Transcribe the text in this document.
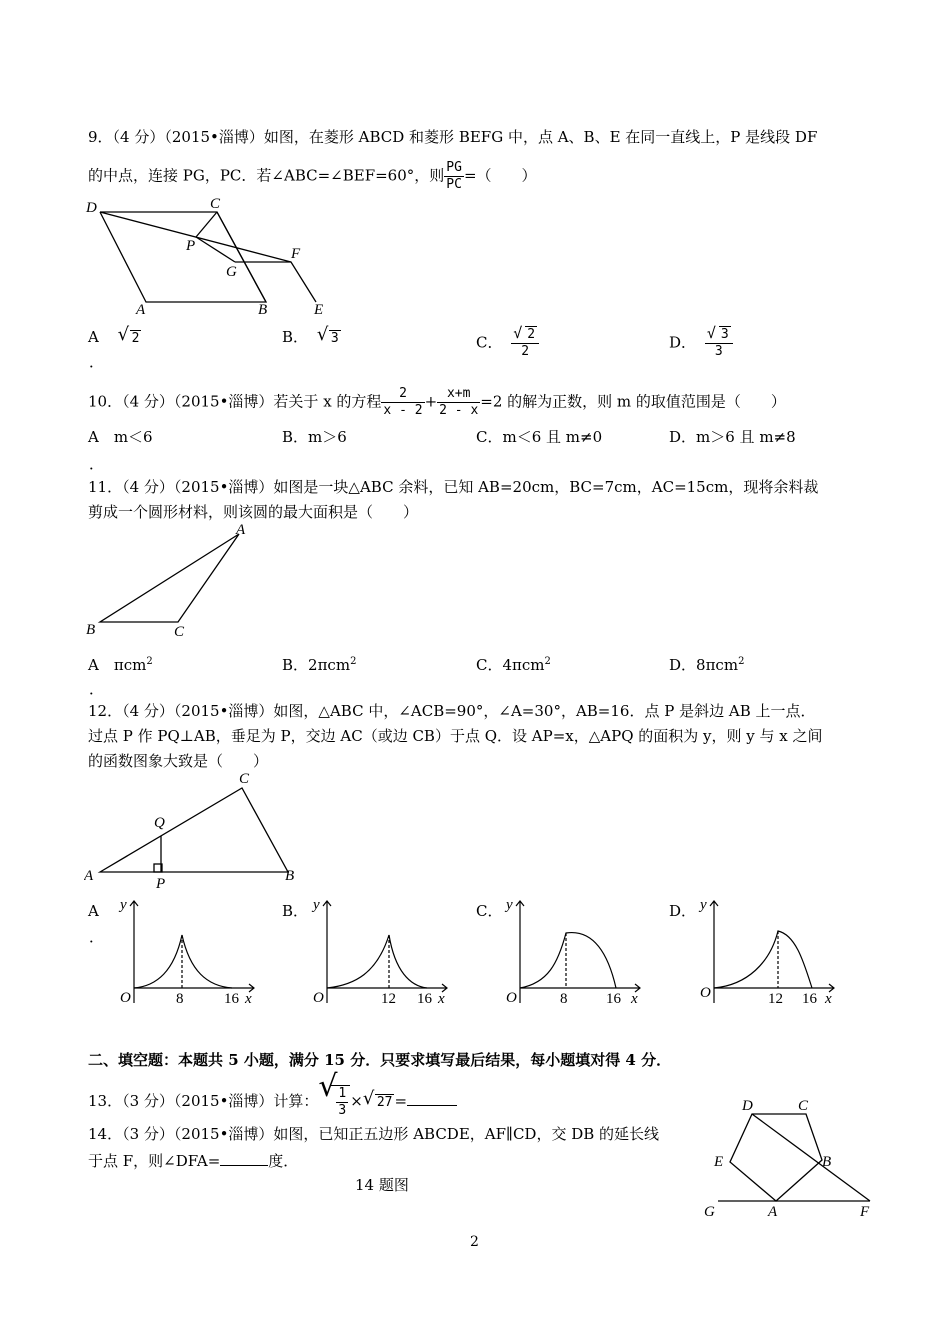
9．（4 分）（2015•淄博）如图，在菱形 ABCD 和菱形 BEFG 中，点 A、B、E 在同一直线上，P 是线段 DF
的中点，连接 PG，PC．若∠ABC=∠BEF=60°，则 $\frac{PG}{PC}$ =（　　）
D	C
P	F
G
A	B	E
A √ 2
．
B． √ 3	C． $\frac{√ 2}{2}$	D． $\frac{√ 3}{3}$
10．（4 分）（2015•淄博）若关于 x 的方程 $\frac{2}{x - 2} + \frac{x+m}{2 - x} =2$ 的解为正数，则 m 的取值范围是（　　）
A　m＜6
．
B．m＞6	C．m＜6 且 m≠0	D．m＞6 且 m≠8
11．（4 分）（2015•淄博）如图是一块△ABC 余料，已知 AB=20cm，BC=7cm，AC=15cm，现将余料裁
剪成一个圆形材料，则该圆的最大面积是（　　）
A
B	C
A　πcm$^2$
．
B．2πcm$^2$	C．4πcm$^2$	D．8πcm$^2$
12．（4 分）（2015•淄博）如图，△ABC 中，∠ACB=90°，∠A=30°，AB=16．点 P 是斜边 AB 上一点．
过点 P 作 PQ⊥AB，垂足为 P，交边 AC（或边 CB）于点 Q．设 AP=x，△APQ 的面积为 y，则 y 与 x 之间
的函数图象大致是（　　）
C
Q
A	P	B
A
．
B．	C．	D．
y
x
O	8	16
y
x
O	12 16
y
x
O	8	16
y
x
O	12 16
二、填空题：本题共 5 小题，满分 15 分．只要求填写最后结果，每小题填对得 4 分．
13．（3 分）（2015•淄博）计算： √
$\frac{1}{3}$ × √ 27 =
14．（3 分）（2015•淄博）如图，已知正五边形 ABCDE，AF∥CD，交 DB 的延长线
于点 F，则∠DFA=	度．
14 题图
D	C
E	B
G	A	F
2
